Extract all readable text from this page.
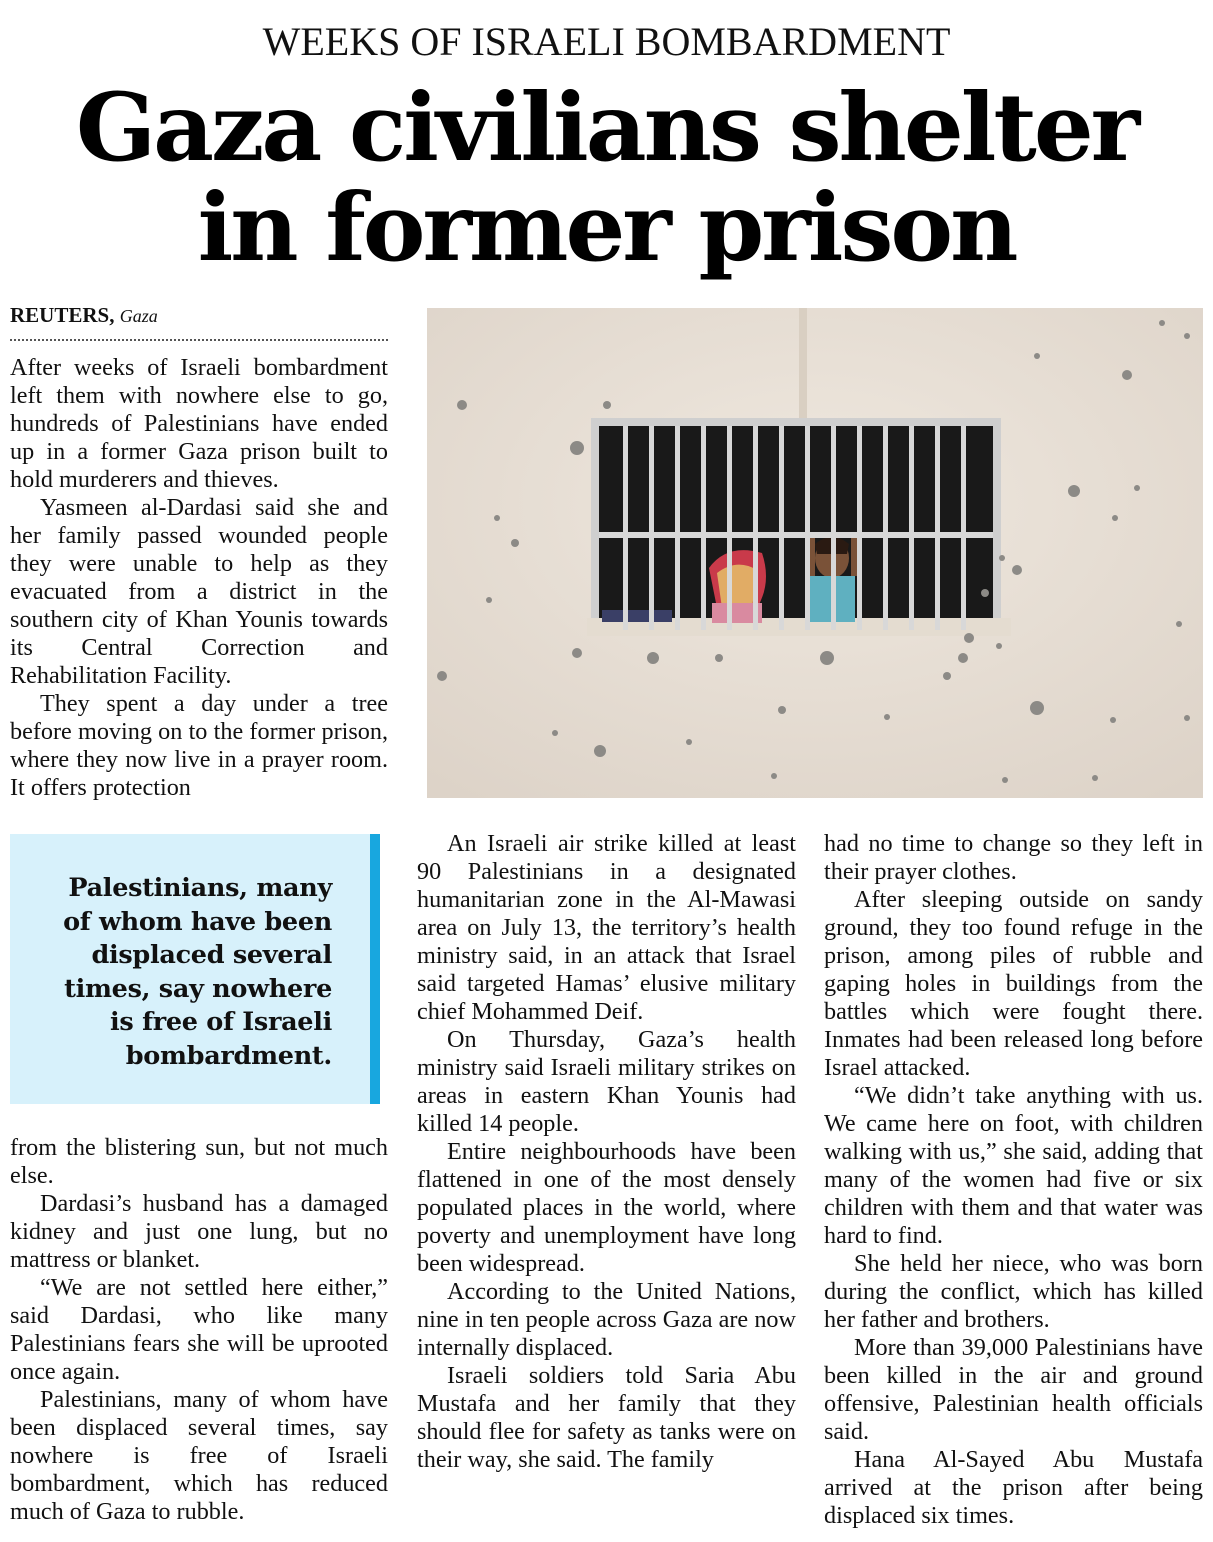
WEEKS OF ISRAELI BOMBARDMENT
Gaza civilians shelter
in former prison
REUTERS, Gaza

After weeks of Israeli bombardment left them with nowhere else to go, hundreds of Palestinians have ended up in a former Gaza prison built to hold murderers and thieves.

Yasmeen al-Dardasi said she and her family passed wounded people they were unable to help as they evacuated from a district in the southern city of Khan Younis towards its Central Correction and Rehabilitation Facility.

They spent a day under a tree before moving on to the former prison, where they now live in a prayer room. It offers protection

Palestinians, many
of whom have been
displaced several
times, say nowhere
is free of Israeli
bombardment.

from the blistering sun, but not much else.

Dardasi’s husband has a damaged kidney and just one lung, but no mattress or blanket.

“We are not settled here either,” said Dardasi, who like many Palestinians fears she will be uprooted once again.

Palestinians, many of whom have been displaced several times, say nowhere is free of Israeli bombardment, which has reduced much of Gaza to rubble.

An Israeli air strike killed at least 90 Palestinians in a designated humanitarian zone in the Al-Mawasi area on July 13, the territory’s health ministry said, in an attack that Israel said targeted Hamas’ elusive military chief Mohammed Deif.

On Thursday, Gaza’s health ministry said Israeli military strikes on areas in eastern Khan Younis had killed 14 people.

Entire neighbourhoods have been flattened in one of the most densely populated places in the world, where poverty and unemployment have long been widespread.

According to the United Nations, nine in ten people across Gaza are now internally displaced.

Israeli soldiers told Saria Abu Mustafa and her family that they should flee for safety as tanks were on their way, she said. The family

had no time to change so they left in their prayer clothes.

After sleeping outside on sandy ground, they too found refuge in the prison, among piles of rubble and gaping holes in buildings from the battles which were fought there. Inmates had been released long before Israel attacked.

“We didn’t take anything with us. We came here on foot, with children walking with us,” she said, adding that many of the women had five or six children with them and that water was hard to find.

She held her niece, who was born during the conflict, which has killed her father and brothers.

More than 39,000 Palestinians have been killed in the air and ground offensive, Palestinian health officials said.

Hana Al-Sayed Abu Mustafa arrived at the prison after being displaced six times.
